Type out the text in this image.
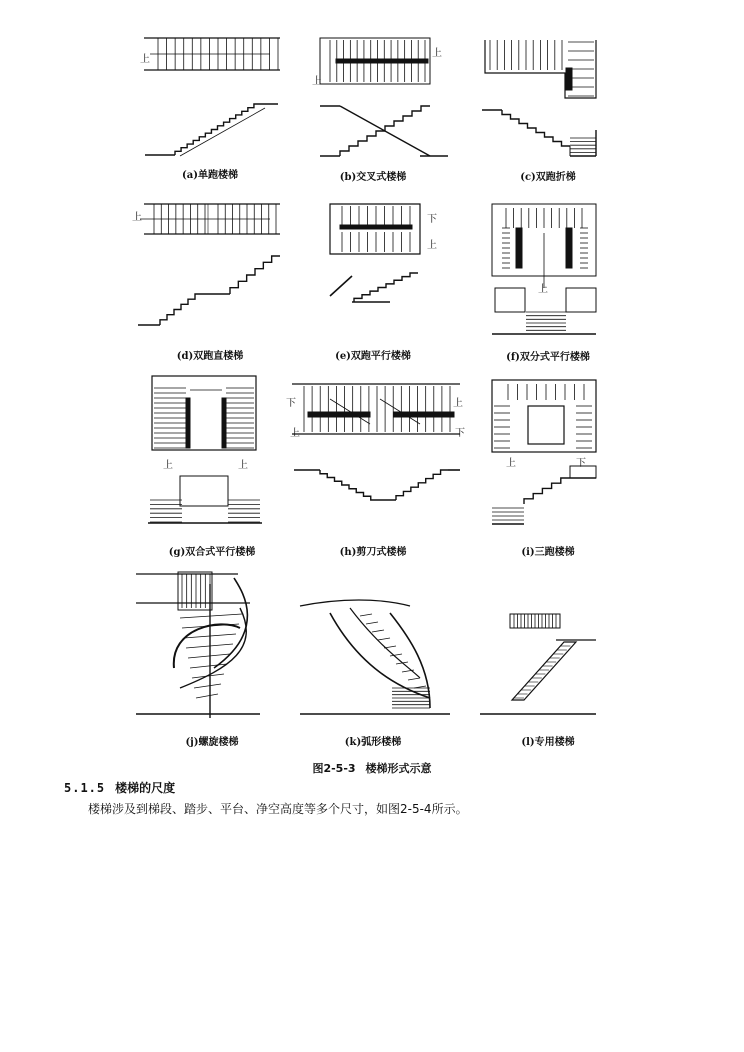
上
上
上
上	下
上
上
上	上
下	上
上	下
上	下
(a)单跑楼梯	(b)交叉式楼梯	(c)双跑折梯
(d)双跑直楼梯	(e)双跑平行楼梯	(f)双分式平行楼梯
(g)双合式平行楼梯	(h)剪刀式楼梯	(i)三跑楼梯
(j)螺旋楼梯	(k)弧形楼梯	(l)专用楼梯
图2-5-3 楼梯形式示意
5.1.5 楼梯的尺度
楼梯涉及到梯段、踏步、平台、净空高度等多个尺寸，如图2-5-4所示。
